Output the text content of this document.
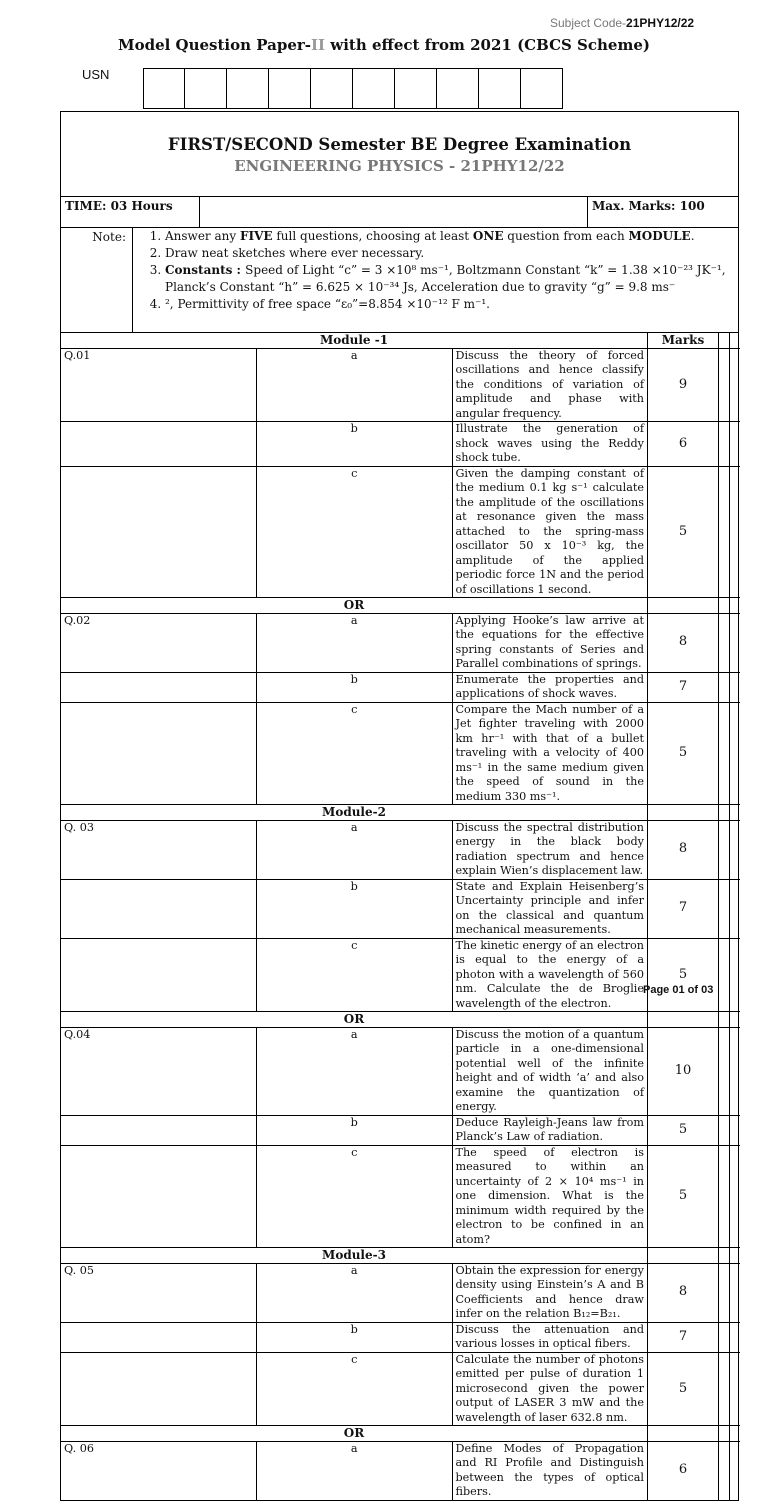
Subject Code-21PHY12/22
Model Question Paper-II with effect from 2021 (CBCS Scheme)
USN
FIRST/SECOND Semester BE Degree Examination
ENGINEERING PHYSICS - 21PHY12/22
TIME: 03 Hours	Max. Marks: 100
Note:	1. Answer any FIVE full questions, choosing at least ONE question from each MODULE.
2. Draw neat sketches where ever necessary.
3. Constants : Speed of Light “c” = 3 ×10⁸ ms⁻¹, Boltzmann Constant “k” = 1.38 ×10⁻²³ JK⁻¹, Planck’s Constant “h” = 6.625 × 10⁻³⁴ Js, Acceleration due to gravity “g” = 9.8 ms⁻
4. ², Permittivity of free space “ε₀”=8.854 ×10⁻¹² F m⁻¹.
Module -1			Marks		
Q.01	a	Discuss the theory of forced oscillations and hence classify the conditions of variation of amplitude and phase with angular frequency.	9		
	b	Illustrate the generation of shock waves using the Reddy shock tube.	6		
	c	Given the damping constant of the medium 0.1 kg s⁻¹ calculate the amplitude of the oscillations at resonance given the mass attached to the spring-mass oscillator 50 x 10⁻³ kg, the amplitude of the applied periodic force 1N and the period of oscillations 1 second.	5		
OR					
Q.02	a	Applying Hooke’s law arrive at the equations for the effective spring constants of Series and Parallel combinations of springs.	8		
	b	Enumerate the properties and applications of shock waves.	7		
	c	Compare the Mach number of a Jet fighter traveling with 2000 km hr⁻¹ with that of a bullet traveling with a velocity of 400 ms⁻¹ in the same medium given the speed of sound in the medium 330 ms⁻¹.	5		
Module-2					
Q. 03	a	Discuss the spectral distribution energy in the black body radiation spectrum and hence explain Wien’s displacement law.	8		
	b	State and Explain Heisenberg’s Uncertainty principle and infer on the classical and quantum mechanical measurements.	7		
	c	The kinetic energy of an electron is equal to the energy of a photon with a wavelength of 560 nm. Calculate the de Broglie wavelength of the electron.	5		
OR					
Q.04	a	Discuss the motion of a quantum particle in a one-dimensional potential well of the infinite height and of width ‘a’ and also examine the quantization of energy.	10		
	b	Deduce Rayleigh-Jeans law from Planck’s Law of radiation.	5		
	c	The speed of electron is measured to within an uncertainty of 2 × 10⁴ ms⁻¹ in one dimension. What is the minimum width required by the electron to be confined in an atom?	5		
Module-3					
Q. 05	a	Obtain the expression for energy density using Einstein’s A and B Coefficients and hence draw infer on the relation B₁₂=B₂₁.	8		
	b	Discuss the attenuation and various losses in optical fibers.	7		
	c	Calculate the number of photons emitted per pulse of duration 1 microsecond given the power output of LASER 3 mW and the wavelength of laser 632.8 nm.	5		
OR					
Q. 06	a	Define Modes of Propagation and RI Profile and Distinguish between the types of optical fibers.	6		
Page 01 of 03
